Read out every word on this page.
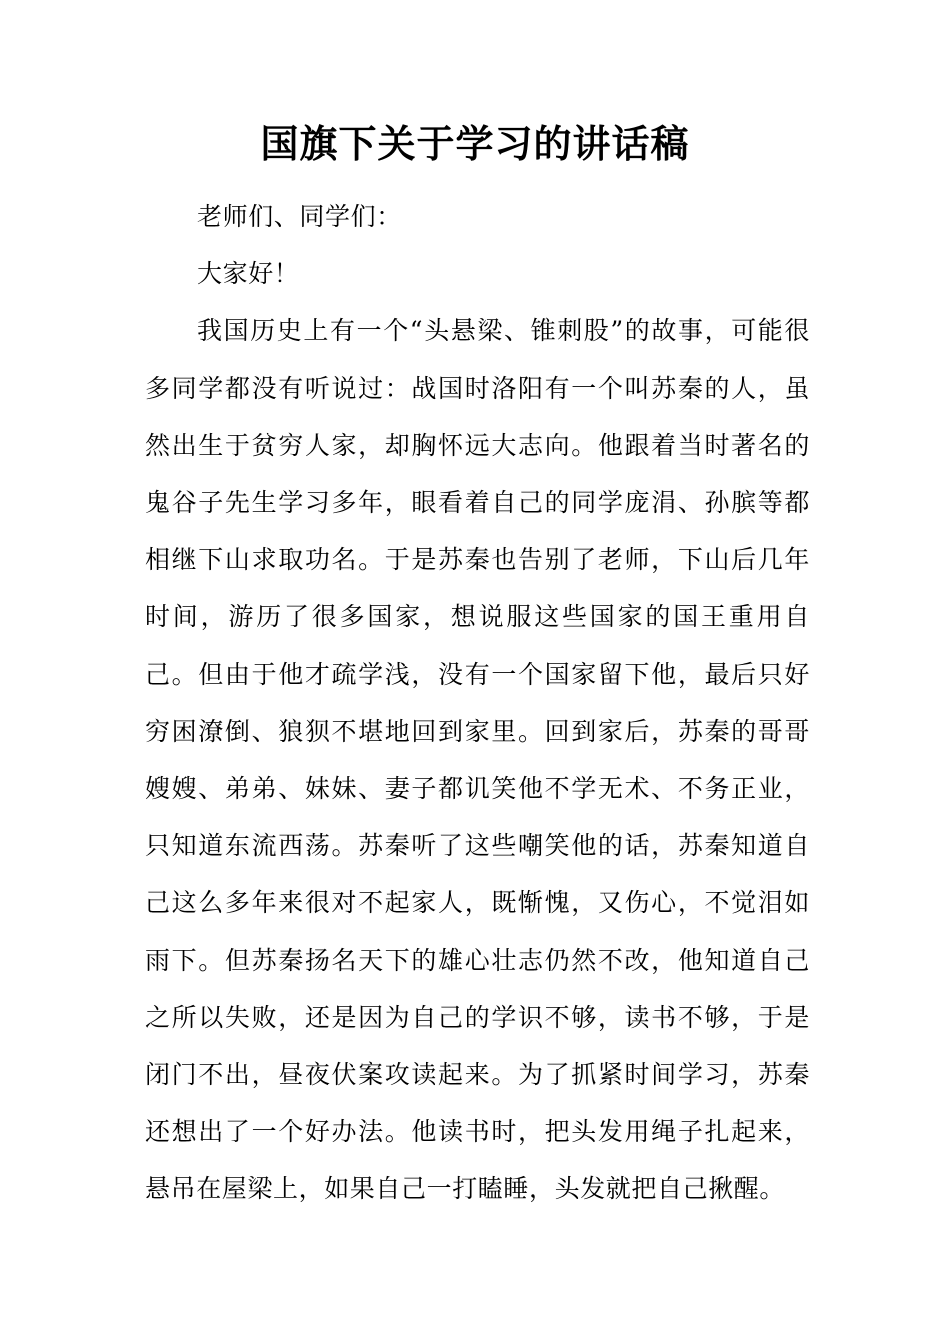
国旗下关于学习的讲话稿

老师们、同学们：

大家好！

我国历史上有一个“头悬梁、锥刺股”的故事，可能很多同学都没有听说过：战国时洛阳有一个叫苏秦的人，虽然出生于贫穷人家，却胸怀远大志向。他跟着当时著名的鬼谷子先生学习多年，眼看着自己的同学庞涓、孙膑等都相继下山求取功名。于是苏秦也告别了老师，下山后几年时间，游历了很多国家，想说服这些国家的国王重用自己。但由于他才疏学浅，没有一个国家留下他，最后只好穷困潦倒、狼狈不堪地回到家里。回到家后，苏秦的哥哥嫂嫂、弟弟、妹妹、妻子都讥笑他不学无术、不务正业，只知道东流西荡。苏秦听了这些嘲笑他的话，苏秦知道自己这么多年来很对不起家人，既惭愧，又伤心，不觉泪如雨下。但苏秦扬名天下的雄心壮志仍然不改，他知道自己之所以失败，还是因为自己的学识不够，读书不够，于是闭门不出，昼夜伏案攻读起来。为了抓紧时间学习，苏秦还想出了一个好办法。他读书时，把头发用绳子扎起来，悬吊在屋梁上，如果自己一打瞌睡，头发就把自己揪醒。
